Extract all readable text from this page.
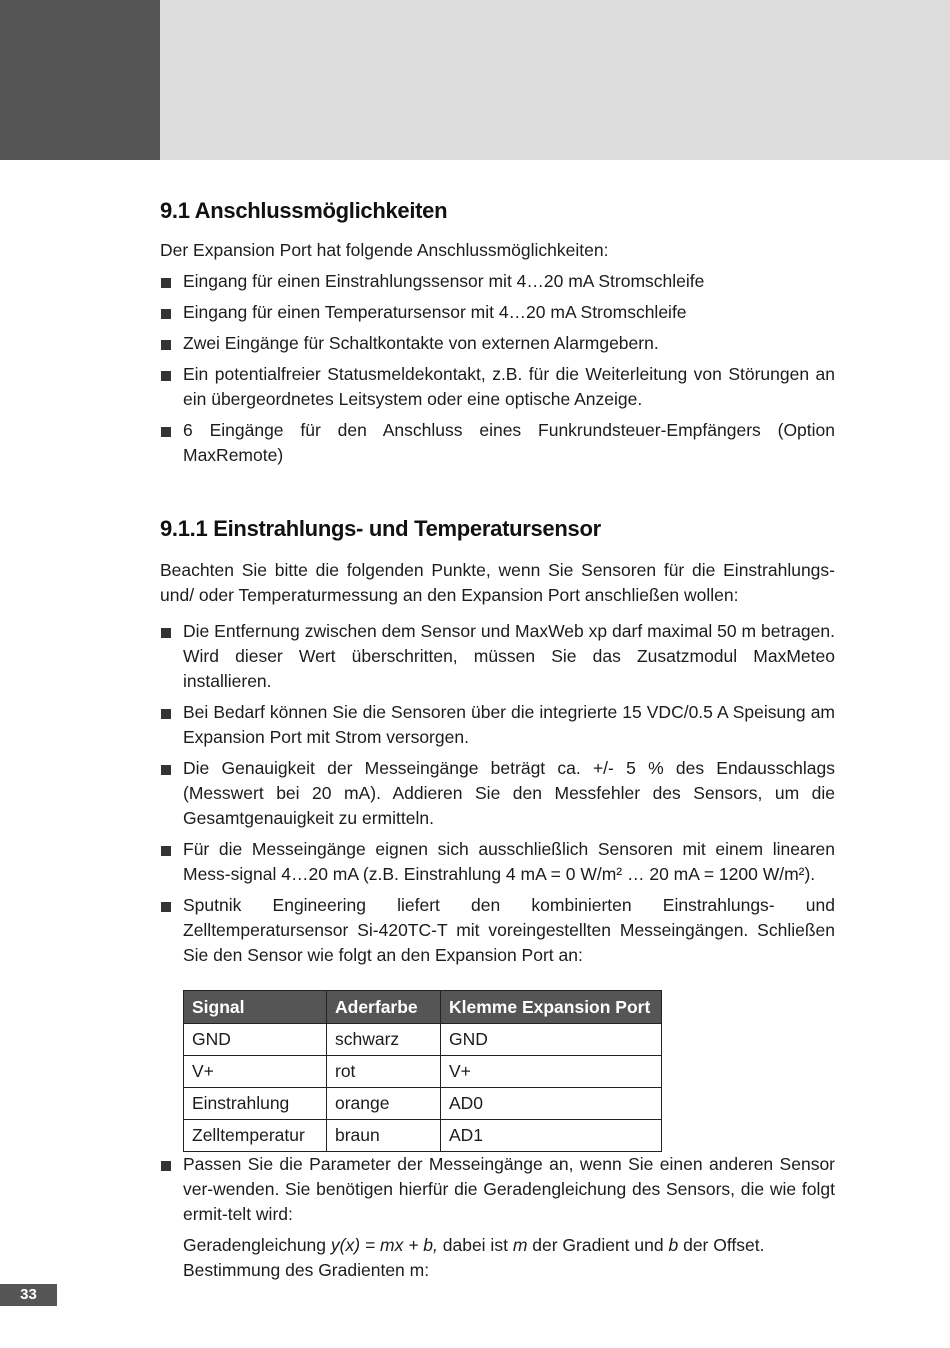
9.1 Anschlussmöglichkeiten

Der Expansion Port hat folgende Anschlussmöglichkeiten:

Eingang für einen Einstrahlungssensor mit 4…20 mA Stromschleife
Eingang für einen Temperatursensor mit 4…20 mA Stromschleife
Zwei Eingänge für Schaltkontakte von externen Alarmgebern.
Ein potentialfreier Statusmeldekontakt, z.B. für die Weiterleitung von Störungen an ein übergeordnetes Leitsystem oder eine optische Anzeige.
6 Eingänge für den Anschluss eines Funkrundsteuer-Empfängers (Option MaxRemote)
9.1.1 Einstrahlungs- und Temperatursensor

Beachten Sie bitte die folgenden Punkte, wenn Sie Sensoren für die Einstrahlungs- und/ oder Temperaturmessung an den Expansion Port anschließen wollen:

Die Entfernung zwischen dem Sensor und MaxWeb xp darf maximal 50 m betragen. Wird dieser Wert überschritten, müssen Sie das Zusatzmodul MaxMeteo installieren.
Bei Bedarf können Sie die Sensoren über die integrierte 15 VDC/0.5 A Speisung am Expansion Port mit Strom versorgen.
Die Genauigkeit der Messeingänge beträgt ca. +/- 5 % des Endausschlags (Messwert bei 20 mA). Addieren Sie den Messfehler des Sensors, um die Gesamtgenauigkeit zu ermitteln.
Für die Messeingänge eignen sich ausschließlich Sensoren mit einem linearen Mess-signal 4…20 mA (z.B. Einstrahlung 4 mA = 0 W/m² … 20 mA = 1200 W/m²).
Sputnik Engineering liefert den kombinierten Einstrahlungs- und Zelltemperatursensor Si-420TC-T mit voreingestellten Messeingängen. Schließen Sie den Sensor wie folgt an den Expansion Port an:
Signal	Aderfarbe	Klemme Expansion Port
GND	schwarz	GND
V+	rot	V+
Einstrahlung	orange	AD0
Zelltemperatur	braun	AD1
Passen Sie die Parameter der Messeingänge an, wenn Sie einen anderen Sensor ver-wenden. Sie benötigen hierfür die Geradengleichung des Sensors, die wie folgt ermit-telt wird:

Geradengleichung y(x) = mx + b, dabei ist m der Gradient und b der Offset.

Bestimmung des Gradienten m:

33
